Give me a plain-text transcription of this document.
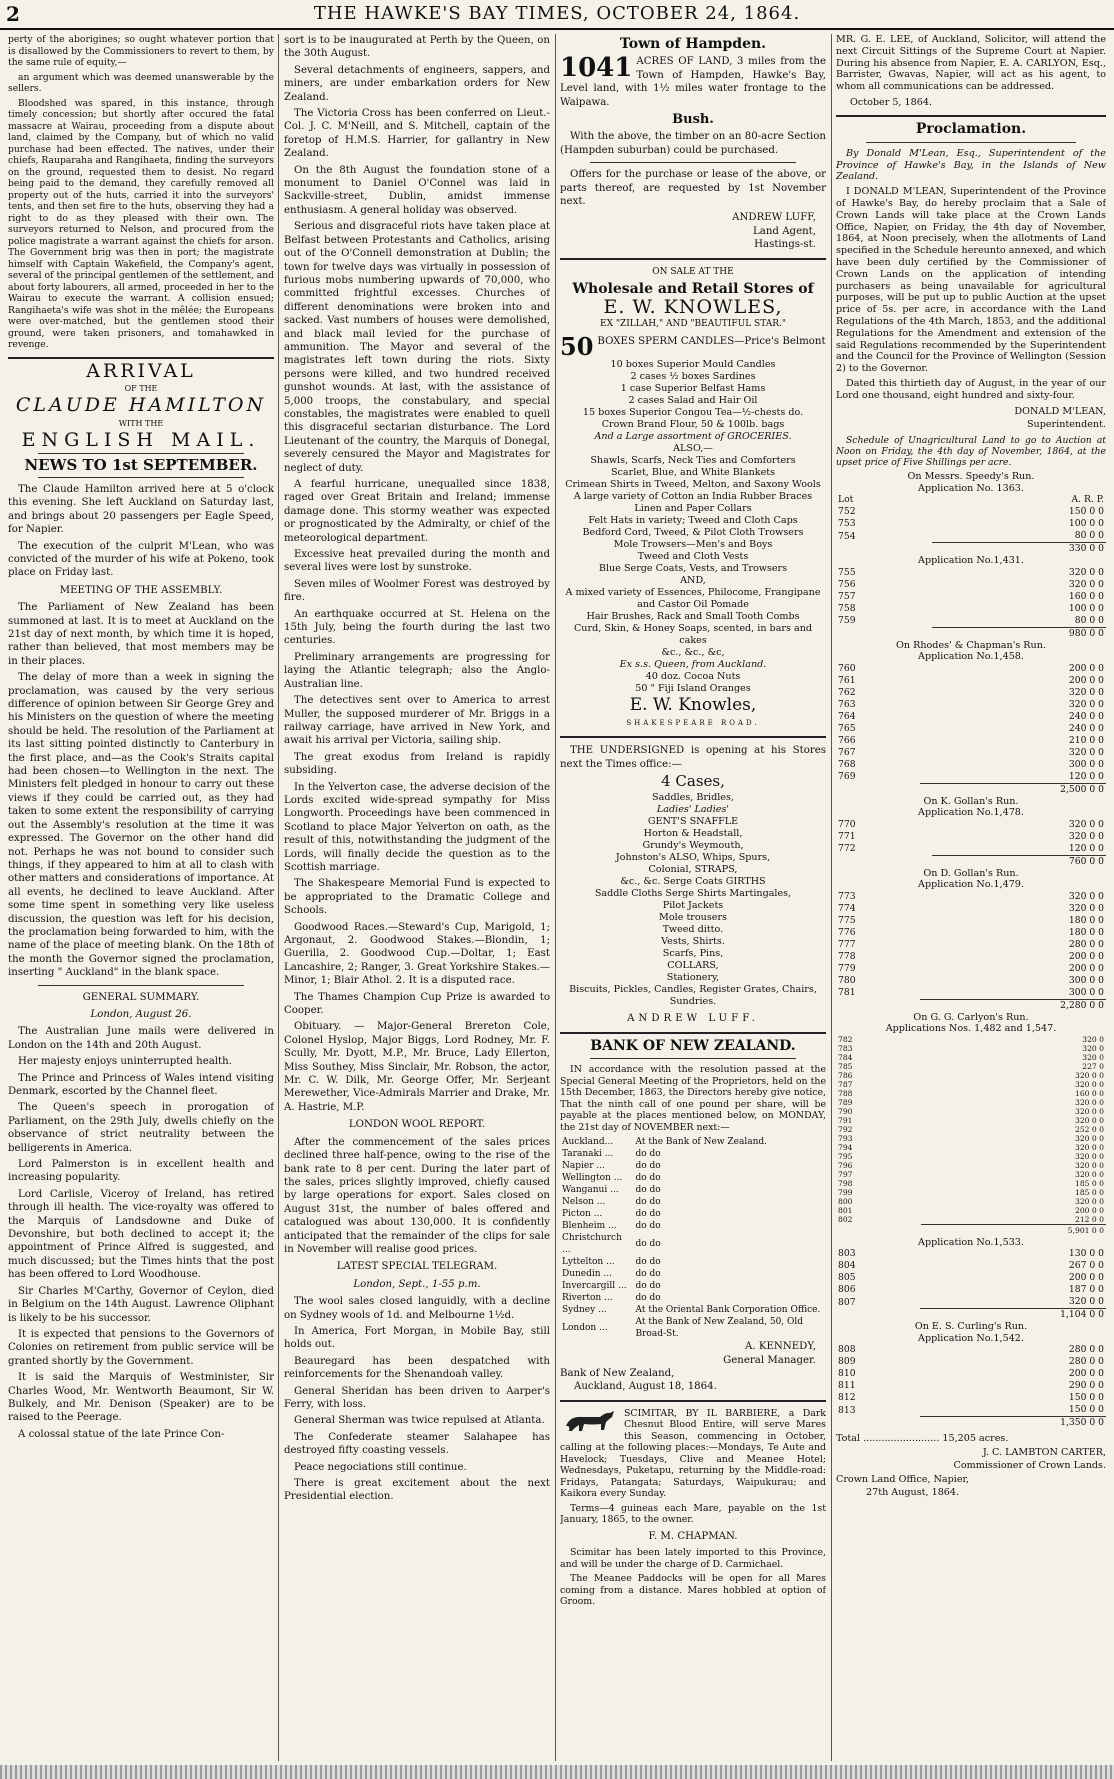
2	THE HAWKE'S BAY TIMES, OCTOBER 24, 1864.

perty of the aborigines; so ought whatever portion that is disallowed by the Commissioners to revert to them, by the same rule of equity,—

an argument which was deemed unanswerable by the sellers.

Bloodshed was spared, in this instance, through timely concession; but shortly after occured the fatal massacre at Wairau, proceeding from a dispute about land, claimed by the Company, but of which no valid purchase had been effected. The natives, under their chiefs, Rauparaha and Rangihaeta, finding the surveyors on the ground, requested them to desist. No regard being paid to the demand, they carefully removed all property out of the huts, carried it into the surveyors' tents, and then set fire to the huts, observing they had a right to do as they pleased with their own. The surveyors returned to Nelson, and procured from the police magistrate a warrant against the chiefs for arson. The Government brig was then in port; the magistrate himself with Captain Wakefield, the Company's agent, several of the principal gentlemen of the settlement, and about forty labourers, all armed, proceeded in her to the Wairau to execute the warrant. A collision ensued; Rangihaeta's wife was shot in the mêlée; the Europeans were over-matched, but the gentlemen stood their ground, were taken prisoners, and tomahawked in revenge.

ARRIVAL
OF THE
CLAUDE HAMILTON
WITH THE
ENGLISH MAIL.
NEWS TO 1st SEPTEMBER.

The Claude Hamilton arrived here at 5 o'clock this evening. She left Auckland on Saturday last, and brings about 20 passengers per Eagle Speed, for Napier.

The execution of the culprit M'Lean, who was convicted of the murder of his wife at Pokeno, took place on Friday last.

MEETING OF THE ASSEMBLY.

The Parliament of New Zealand has been summoned at last. It is to meet at Auckland on the 21st day of next month, by which time it is hoped, rather than believed, that most members may be in their places.

The delay of more than a week in signing the proclamation, was caused by the very serious difference of opinion between Sir George Grey and his Ministers on the question of where the meeting should be held. The resolution of the Parliament at its last sitting pointed distinctly to Canterbury in the first place, and—as the Cook's Straits capital had been chosen—to Wellington in the next. The Ministers felt pledged in honour to carry out these views if they could be carried out, as they had taken to some extent the responsibility of carrying out the Assembly's resolution at the time it was expressed. The Governor on the other hand did not. Perhaps he was not bound to consider such things, if they appeared to him at all to clash with other matters and considerations of importance. At all events, he declined to leave Auckland. After some time spent in something very like useless discussion, the question was left for his decision, the proclamation being forwarded to him, with the name of the place of meeting blank. On the 18th of the month the Governor signed the proclamation, inserting " Auckland" in the blank space.

GENERAL SUMMARY.
London, August 26.

The Australian June mails were delivered in London on the 14th and 20th August.

Her majesty enjoys uninterrupted health.

The Prince and Princess of Wales intend visiting Denmark, escorted by the Channel fleet.

The Queen's speech in prorogation of Parliament, on the 29th July, dwells chiefly on the observance of strict neutrality between the belligerents in America.

Lord Palmerston is in excellent health and increasing popularity.

Lord Carlisle, Viceroy of Ireland, has retired through ill health. The vice-royalty was offered to the Marquis of Landsdowne and Duke of Devonshire, but both declined to accept it; the appointment of Prince Alfred is suggested, and much discussed; but the Times hints that the post has been offered to Lord Woodhouse.

Sir Charles M'Carthy, Governor of Ceylon, died in Belgium on the 14th August. Lawrence Oliphant is likely to be his successor.

It is expected that pensions to the Governors of Colonies on retirement from public service will be granted shortly by the Government.

It is said the Marquis of Westminister, Sir Charles Wood, Mr. Wentworth Beaumont, Sir W. Bulkely, and Mr. Denison (Speaker) are to be raised to the Peerage.

A colossal statue of the late Prince Con-

sort is to be inaugurated at Perth by the Queen, on the 30th August.

Several detachments of engineers, sappers, and miners, are under embarkation orders for New Zealand.

The Victoria Cross has been conferred on Lieut.-Col. J. C. M'Neill, and S. Mitchell, captain of the foretop of H.M.S. Harrier, for gallantry in New Zealand.

On the 8th August the foundation stone of a monument to Daniel O'Connel was laid in Sackville-street, Dublin, amidst immense enthusiasm. A general holiday was observed.

Serious and disgraceful riots have taken place at Belfast between Protestants and Catholics, arising out of the O'Connell demonstration at Dublin; the town for twelve days was virtually in possession of furious mobs numbering upwards of 70,000, who committed frightful excesses. Churches of different denominations were broken into and sacked. Vast numbers of houses were demolished, and black mail levied for the purchase of ammunition. The Mayor and several of the magistrates left town during the riots. Sixty persons were killed, and two hundred received gunshot wounds. At last, with the assistance of 5,000 troops, the constabulary, and special constables, the magistrates were enabled to quell this disgraceful sectarian disturbance. The Lord Lieutenant of the country, the Marquis of Donegal, severely censured the Mayor and Magistrates for neglect of duty.

A fearful hurricane, unequalled since 1838, raged over Great Britain and Ireland; immense damage done. This stormy weather was expected or prognosticated by the Admiralty, or chief of the meteorological department.

Excessive heat prevailed during the month and several lives were lost by sunstroke.

Seven miles of Woolmer Forest was destroyed by fire.

An earthquake occurred at St. Helena on the 15th July, being the fourth during the last two centuries.

Preliminary arrangements are progressing for laying the Atlantic telegraph; also the Anglo-Australian line.

The detectives sent over to America to arrest Muller, the supposed murderer of Mr. Briggs in a railway carriage, have arrived in New York, and await his arrival per Victoria, sailing ship.

The great exodus from Ireland is rapidly subsiding.

In the Yelverton case, the adverse decision of the Lords excited wide-spread sympathy for Miss Longworth. Proceedings have been commenced in Scotland to place Major Yelverton on oath, as the result of this, notwithstanding the judgment of the Lords, will finally decide the question as to the Scottish marriage.

The Shakespeare Memorial Fund is expected to be appropriated to the Dramatic College and Schools.

Goodwood Races.—Steward's Cup, Marigold, 1; Argonaut, 2. Goodwood Stakes.—Blondin, 1; Guerilla, 2. Goodwood Cup.—Doltar, 1; East Lancashire, 2; Ranger, 3. Great Yorkshire Stakes.—Minor, 1; Blair Athol. 2. It is a disputed race.

The Thames Champion Cup Prize is awarded to Cooper.

Obituary. — Major-General Brereton Cole, Colonel Hyslop, Major Biggs, Lord Rodney, Mr. F. Scully, Mr. Dyott, M.P., Mr. Bruce, Lady Ellerton, Miss Southey, Miss Sinclair, Mr. Robson, the actor, Mr. C. W. Dilk, Mr. George Offer, Mr. Serjeant Merewether, Vice-Admirals Marrier and Drake, Mr. A. Hastrie, M.P.

LONDON WOOL REPORT.

After the commencement of the sales prices declined three half-pence, owing to the rise of the bank rate to 8 per cent. During the later part of the sales, prices slightly improved, chiefly caused by large operations for export. Sales closed on August 31st, the number of bales offered and catalogued was about 130,000. It is confidently anticipated that the remainder of the clips for sale in November will realise good prices.

LATEST SPECIAL TELEGRAM.
London, Sept., 1-55 p.m.

The wool sales closed languidly, with a decline on Sydney wools of 1d. and Melbourne 1½d.

In America, Fort Morgan, in Mobile Bay, still holds out.

Beauregard has been despatched with reinforcements for the Shenandoah valley.

General Sheridan has been driven to Aarper's Ferry, with loss.

General Sherman was twice repulsed at Atlanta.

The Confederate steamer Salahapee has destroyed fifty coasting vessels.

Peace negociations still continue.

There is great excitement about the next Presidential election.

Town of Hampden.

1041 ACRES OF LAND, 3 miles from the Town of Hampden, Hawke's Bay, Level land, with 1½ miles water frontage to the Waipawa.

Bush.

With the above, the timber on an 80-acre Section (Hampden suburban) could be purchased.

Offers for the purchase or lease of the above, or parts thereof, are requested by 1st November next.

ANDREW LUFF,
Land Agent,
Hastings-st.
ON SALE AT THE
Wholesale and Retail Stores of
E. W. KNOWLES,
EX "ZILLAH," AND "BEAUTIFUL STAR."

50 BOXES SPERM CANDLES—Price's Belmont

10 boxes Superior Mould Candles
2 cases ½ boxes Sardines
1 case Superior Belfast Hams
2 cases Salad and Hair Oil
15 boxes Superior Congou Tea—½-chests do.
Crown Brand Flour, 50 & 100lb. bags
And a Large assortment of GROCERIES.
ALSO,—
Shawls, Scarfs, Neck Ties and Comforters
Scarlet, Blue, and White Blankets
Crimean Shirts in Tweed, Melton, and Saxony Wools
A large variety of Cotton an India Rubber Braces
Linen and Paper Collars
Felt Hats in variety; Tweed and Cloth Caps
Bedford Cord, Tweed, & Pilot Cloth Trowsers
Mole Trowsers—Men's and Boys
Tweed and Cloth Vests
Blue Serge Coats, Vests, and Trowsers
AND,
A mixed variety of Essences, Philocome, Frangipane and Castor Oil Pomade
Hair Brushes, Rack and Small Tooth Combs
Curd, Skin, & Honey Soaps, scented, in bars and cakes
&c., &c., &c,
Ex s.s. Queen, from Auckland.
40 doz. Cocoa Nuts
50 " Fiji Island Oranges
E. W. Knowles,
SHAKESPEARE ROAD.

THE UNDERSIGNED is opening at his Stores next the Times office:—

4 Cases,
Saddles, Bridles,
Ladies' Ladies'
GENT'S SNAFFLE
Horton & Headstall,
Grundy's Weymouth,
Johnston's ALSO, Whips, Spurs,
Colonial, STRAPS,
&c., &c. Serge Coats GIRTHS
Saddle Cloths Serge Shirts Martingales,
Pilot Jackets
Mole trousers
Tweed ditto.
Vests, Shirts.
Scarfs, Pins,
COLLARS,
Stationery,
Biscuits, Pickles, Candles, Register Grates, Chairs, Sundries.
ANDREW LUFF.
BANK OF NEW ZEALAND.

IN accordance with the resolution passed at the Special General Meeting of the Proprietors, held on the 15th December, 1863, the Directors hereby give notice, That the ninth call of one pound per share, will be payable at the places mentioned below, on MONDAY, the 21st day of NOVEMBER next:—

Auckland...	At the Bank of New Zealand.
Taranaki ...	do do
Napier ...	do do
Wellington ...	do do
Wanganui ...	do do
Nelson ...	do do
Picton ...	do do
Blenheim ...	do do
Christchurch ...	do do
Lyttelton ...	do do
Dunedin ...	do do
Invercargill ...	do do
Riverton ...	do do
Sydney ...	At the Oriental Bank Corporation Office.
London ...	At the Bank of New Zealand, 50, Old Broad-St.
A. KENNEDY,
General Manager.
Bank of New Zealand,
Auckland, August 18, 1864.

SCIMITAR, BY IL BARBIERE, a Dark Chesnut Blood Entire, will serve Mares this Season, commencing in October, calling at the following places:—Mondays, Te Aute and Havelock; Tuesdays, Clive and Meanee Hotel; Wednesdays, Puketapu, returning by the Middle-road: Fridays, Patangata; Saturdays, Waipukurau; and Kaikora every Sunday.

Terms—4 guineas each Mare, payable on the 1st January, 1865, to the owner.

F. M. CHAPMAN.

Scimitar has been lately imported to this Province, and will be under the charge of D. Carmichael.

The Meanee Paddocks will be open for all Mares coming from a distance. Mares hobbled at option of Groom.

MR. G. E. LEE, of Auckland, Solicitor, will attend the next Circuit Sittings of the Supreme Court at Napier. During his absence from Napier, E. A. CARLYON, Esq., Barrister, Gwavas, Napier, will act as his agent, to whom all communications can be addressed.

October 5, 1864.
Proclamation.

By Donald M'Lean, Esq., Superintendent of the Province of Hawke's Bay, in the Islands of New Zealand.

I DONALD M'LEAN, Superintendent of the Province of Hawke's Bay, do hereby proclaim that a Sale of Crown Lands will take place at the Crown Lands Office, Napier, on Friday, the 4th day of November, 1864, at Noon precisely, when the allotments of Land specified in the Schedule hereunto annexed, and which have been duly certified by the Commissioner of Crown Lands on the application of intending purchasers as being unavailable for agricultural purposes, will be put up to public Auction at the upset price of 5s. per acre, in accordance with the Land Regulations of the 4th March, 1853, and the additional Regulations for the Amendment and extension of the said Regulations recommended by the Superintendent and the Council for the Province of Wellington (Session 2) to the Governor.

Dated this thirtieth day of August, in the year of our Lord one thousand, eight hundred and sixty-four.

DONALD M'LEAN,
Superintendent.

Schedule of Unagricultural Land to go to Auction at Noon on Friday, the 4th day of November, 1864, at the upset price of Five Shillings per acre.

On Messrs. Speedy's Run.
Application No. 1363.
Lot	A. R. P.
752	150 0 0
753	100 0 0
754	80 0 0
	330 0 0
Application No.1,431.
755	320 0 0
756	320 0 0
757	160 0 0
758	100 0 0
759	80 0 0
	980 0 0
On Rhodes' & Chapman's Run.
Application No.1,458.
760	200 0 0
761	200 0 0
762	320 0 0
763	320 0 0
764	240 0 0
765	240 0 0
766	210 0 0
767	320 0 0
768	300 0 0
769	120 0 0
	2,500 0 0
On K. Gollan's Run.
Application No.1,478.
770	320 0 0
771	320 0 0
772	120 0 0
	760 0 0
On D. Gollan's Run.
Application No.1,479.
773	320 0 0
774	320 0 0
775	180 0 0
776	180 0 0
777	280 0 0
778	200 0 0
779	200 0 0
780	300 0 0
781	300 0 0
	2,280 0 0
On G. G. Carlyon's Run.
Applications Nos. 1,482 and 1,547.
782	320 0
783	320 0
784	320 0
785	227 0
786	320 0 0
787	320 0 0
788	160 0 0
789	320 0 0
790	320 0 0
791	320 0 0
792	252 0 0
793	320 0 0
794	320 0 0
795	320 0 0
796	320 0 0
797	320 0 0
798	185 0 0
799	185 0 0
800	320 0 0
801	200 0 0
802	212 0 0
	5,901 0 0
Application No.1,533.
803	130 0 0
804	267 0 0
805	200 0 0
806	187 0 0
807	320 0 0
	1,104 0 0
On E. S. Curling's Run.
Application No.1,542.
808	280 0 0
809	280 0 0
810	200 0 0
811	290 0 0
812	150 0 0
813	150 0 0
	1,350 0 0
Total ......................... 15,205 acres.
J. C. LAMBTON CARTER,
Commissioner of Crown Lands.
Crown Land Office, Napier,
27th August, 1864.
